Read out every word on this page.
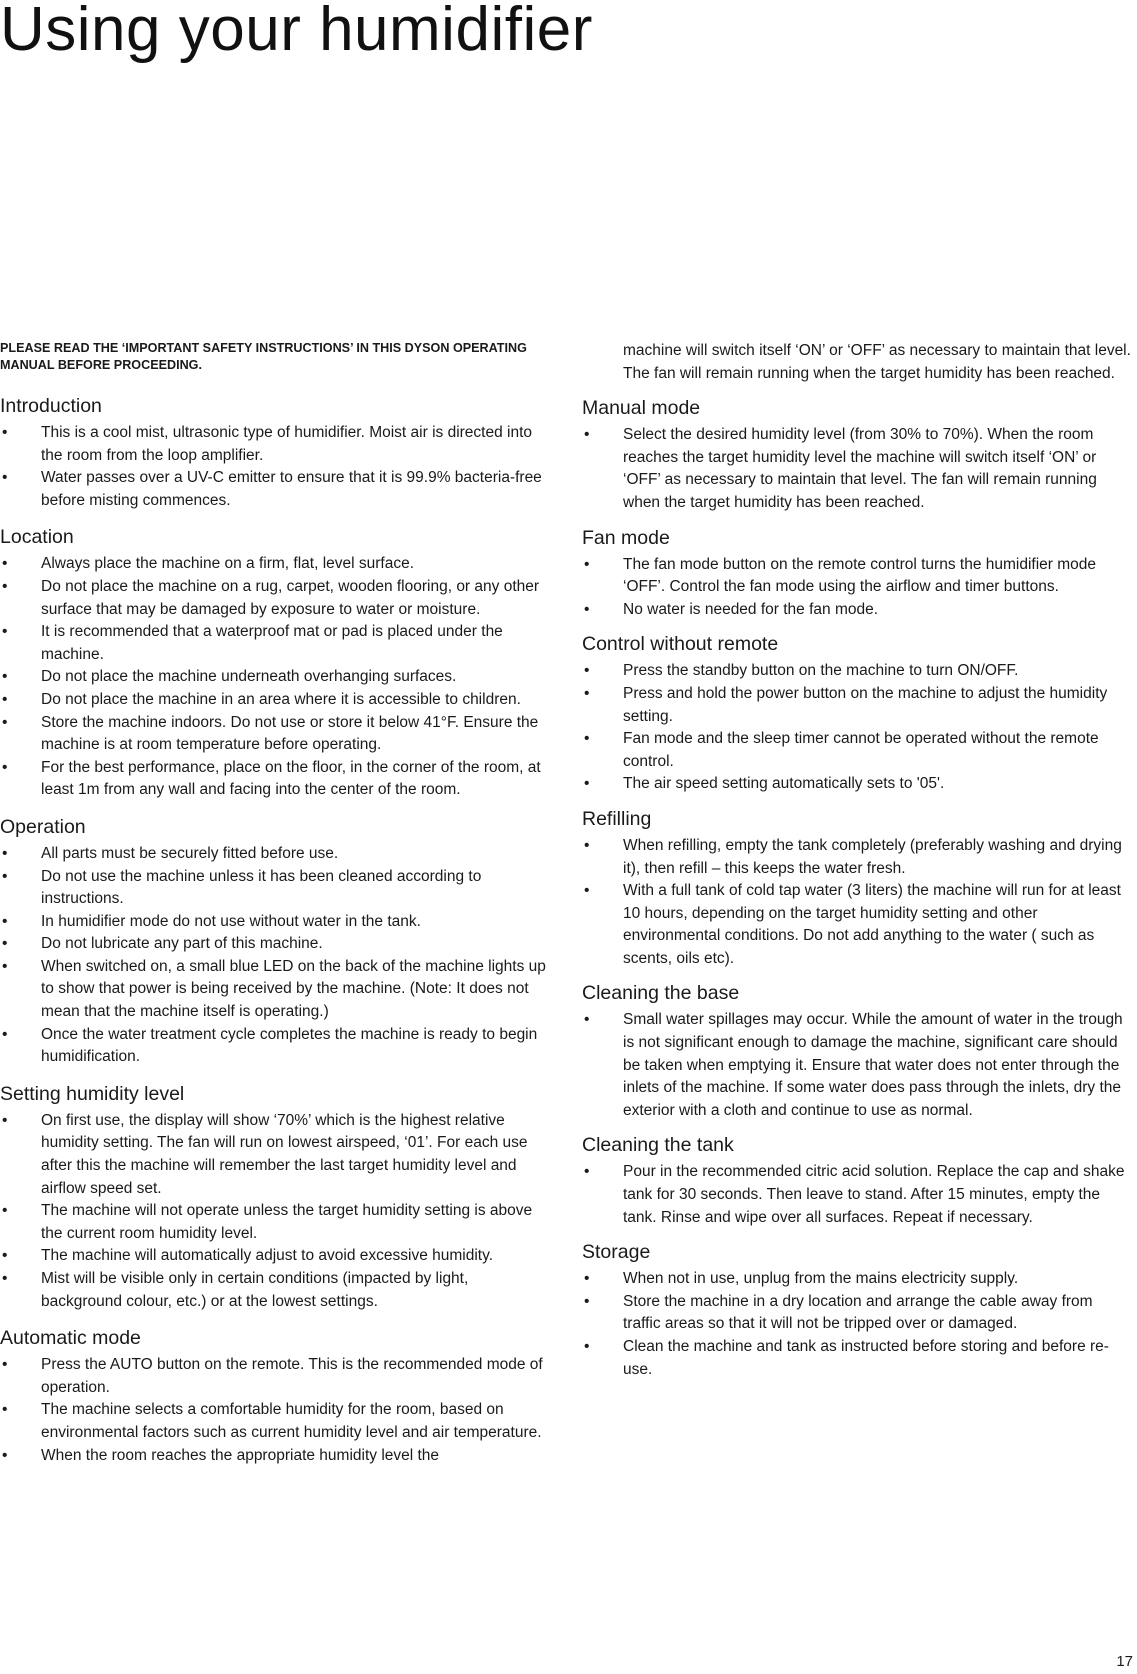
Using your humidifier

PLEASE READ THE ‘IMPORTANT SAFETY INSTRUCTIONS’ IN THIS DYSON OPERATING MANUAL BEFORE PROCEEDING.

Introduction
• This is a cool mist, ultrasonic type of humidifier. Moist air is directed into the room from the loop amplifier.
• Water passes over a UV-C emitter to ensure that it is 99.9% bacteria-free before misting commences.
Location
• Always place the machine on a firm, flat, level surface.
• Do not place the machine on a rug, carpet, wooden flooring, or any other surface that may be damaged by exposure to water or moisture.
• It is recommended that a waterproof mat or pad is placed under the machine.
• Do not place the machine underneath overhanging surfaces.
• Do not place the machine in an area where it is accessible to children.
• Store the machine indoors. Do not use or store it below 41°F. Ensure the machine is at room temperature before operating.
• For the best performance, place on the floor, in the corner of the room, at least 1m from any wall and facing into the center of the room.
Operation
• All parts must be securely fitted before use.
• Do not use the machine unless it has been cleaned according to instructions.
• In humidifier mode do not use without water in the tank.
• Do not lubricate any part of this machine.
• When switched on, a small blue LED on the back of the machine lights up to show that power is being received by the machine. (Note: It does not mean that the machine itself is operating.)
• Once the water treatment cycle completes the machine is ready to begin humidification.
Setting humidity level
• On first use, the display will show ‘70%’ which is the highest relative humidity setting. The fan will run on lowest airspeed, ‘01’. For each use after this the machine will remember the last target humidity level and airflow speed set.
• The machine will not operate unless the target humidity setting is above the current room humidity level.
• The machine will automatically adjust to avoid excessive humidity.
• Mist will be visible only in certain conditions (impacted by light, background colour, etc.) or at the lowest settings.
Automatic mode
• Press the AUTO button on the remote. This is the recommended mode of operation.
• The machine selects a comfortable humidity for the room, based on environmental factors such as current humidity level and air temperature.
• When the room reaches the appropriate humidity level the

machine will switch itself ‘ON’ or ‘OFF’ as necessary to maintain that level. The fan will remain running when the target humidity has been reached.

Manual mode
• Select the desired humidity level (from 30% to 70%). When the room reaches the target humidity level the machine will switch itself ‘ON’ or ‘OFF’ as necessary to maintain that level. The fan will remain running when the target humidity has been reached.
Fan mode
• The fan mode button on the remote control turns the humidifier mode ‘OFF’. Control the fan mode using the airflow and timer buttons.
• No water is needed for the fan mode.
Control without remote
• Press the standby button on the machine to turn ON/OFF.
• Press and hold the power button on the machine to adjust the humidity setting.
• Fan mode and the sleep timer cannot be operated without the remote control.
• The air speed setting automatically sets to '05'.
Refilling
• When refilling, empty the tank completely (preferably washing and drying it), then refill – this keeps the water fresh.
• With a full tank of cold tap water (3 liters) the machine will run for at least 10 hours, depending on the target humidity setting and other environmental conditions. Do not add anything to the water ( such as scents, oils etc).
Cleaning the base
• Small water spillages may occur. While the amount of water in the trough is not significant enough to damage the machine, significant care should be taken when emptying it. Ensure that water does not enter through the inlets of the machine. If some water does pass through the inlets, dry the exterior with a cloth and continue to use as normal.
Cleaning the tank
• Pour in the recommended citric acid solution. Replace the cap and shake tank for 30 seconds. Then leave to stand. After 15 minutes, empty the tank. Rinse and wipe over all surfaces. Repeat if necessary.
Storage
• When not in use, unplug from the mains electricity supply.
• Store the machine in a dry location and arrange the cable away from traffic areas so that it will not be tripped over or damaged.
• Clean the machine and tank as instructed before storing and before re-use.
17
